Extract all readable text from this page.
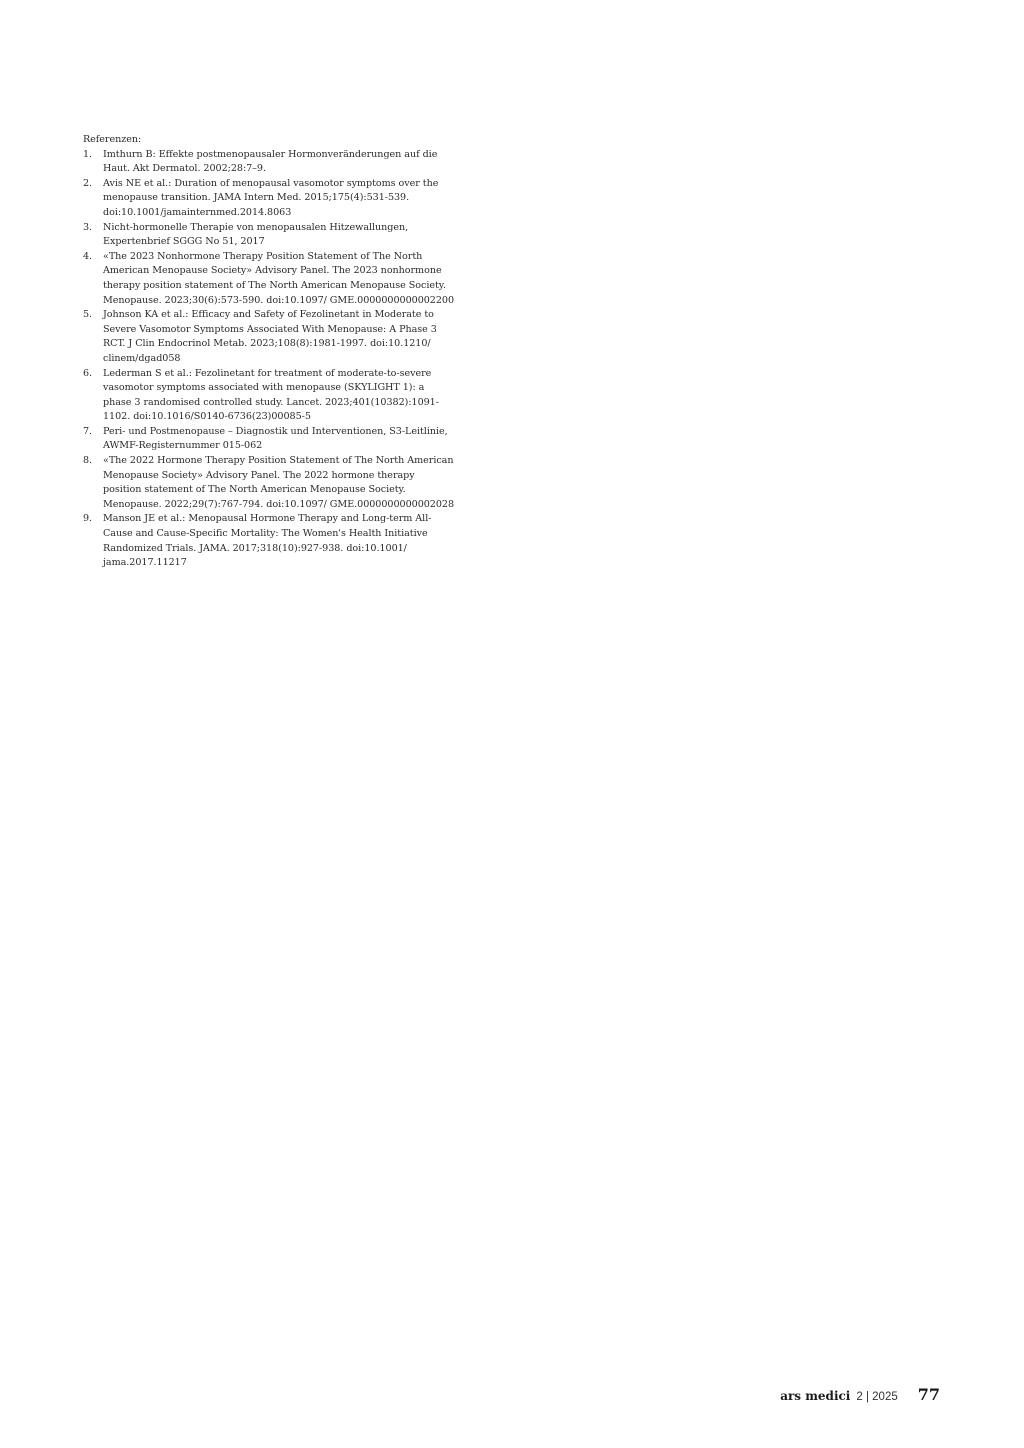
Referenzen:

1.	Imthurn B: Effekte postmenopausaler Hormonveränderungen auf die Haut. Akt Dermatol. 2002;28:7–9.
2.	Avis NE et al.: Duration of menopausal vasomotor symptoms over the menopause transition. JAMA Intern Med. 2015;175(4):531-539. doi:10.1001/jamainternmed.2014.8063
3.	Nicht-hormonelle Therapie von menopausalen Hitzewallungen, Expertenbrief SGGG No 51, 2017
4.	«The 2023 Nonhormone Therapy Position Statement of The North American Menopause Society» Advisory Panel. The 2023 nonhormone therapy position statement of The North American Menopause Society. Menopause. 2023;30(6):573-590. doi:10.1097/ GME.0000000000002200
5.	Johnson KA et al.: Efficacy and Safety of Fezolinetant in Moderate to Severe Vasomotor Symptoms Associated With Menopause: A Phase 3 RCT. J Clin Endocrinol Metab. 2023;108(8):1981-1997. doi:10.1210/ clinem/dgad058
6.	Lederman S et al.: Fezolinetant for treatment of moderate-to-severe vasomotor symptoms associated with menopause (SKYLIGHT 1): a phase 3 randomised controlled study. Lancet. 2023;401(10382):1091-1102. doi:10.1016/S0140-6736(23)00085-5
7.	Peri- und Postmenopause – Diagnostik und Interventionen, S3-Leitlinie, AWMF-Registernummer 015-062
8.	«The 2022 Hormone Therapy Position Statement of The North American Menopause Society» Advisory Panel. The 2022 hormone therapy position statement of The North American Menopause Society. Menopause. 2022;29(7):767-794. doi:10.1097/ GME.0000000000002028
9.	Manson JE et al.: Menopausal Hormone Therapy and Long-term All-Cause and Cause-Specific Mortality: The Women's Health Initiative Randomized Trials. JAMA. 2017;318(10):927-938. doi:10.1001/ jama.2017.11217
ars medici 2 | 2025 77
